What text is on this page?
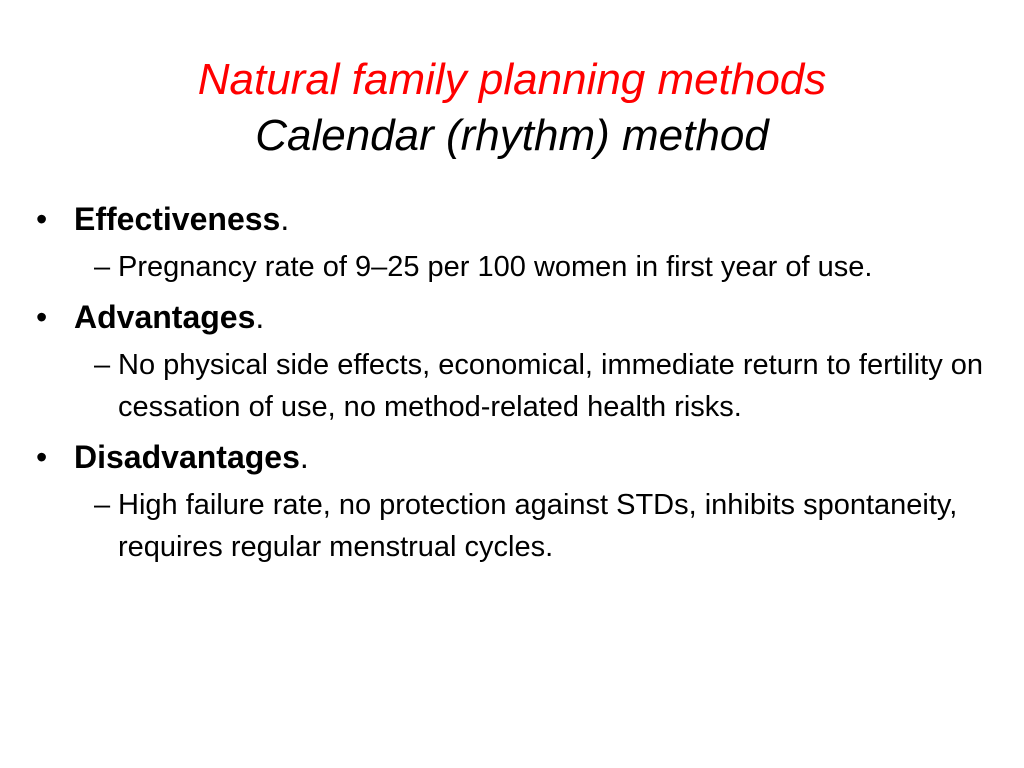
Natural family planning methods
Calendar (rhythm) method
• Effectiveness.
– Pregnancy rate of 9–25 per 100 women in first year of use.
• Advantages.
– No physical side effects, economical, immediate return to fertility on cessation of use, no method-related health risks.
• Disadvantages.
– High failure rate, no protection against STDs, inhibits spontaneity, requires regular menstrual cycles.
